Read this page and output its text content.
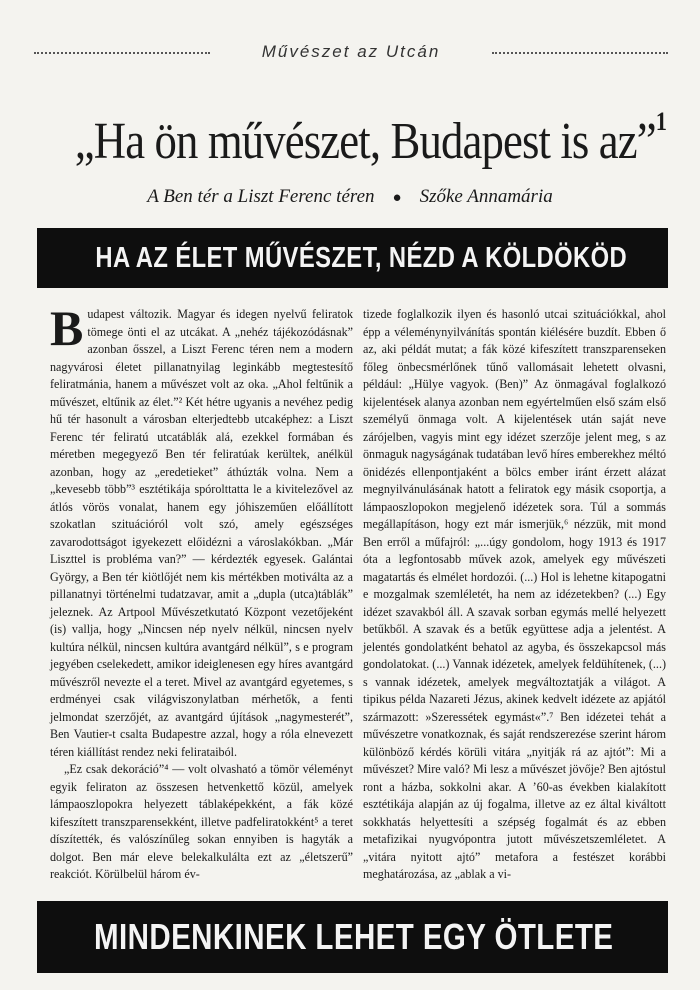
Művészet az Utcán
„Ha ön művészet, Budapest is az”$^1$
A Ben tér a Liszt Ferenc téren ● Szőke Annamária
HA AZ ÉLET MŰVÉSZET, NÉZD A KÖLDÖKÖD

Budapest változik. Magyar és idegen nyelvű feliratok tömege önti el az utcákat. A „nehéz tájékozódásnak” azonban ősszel, a Liszt Ferenc téren nem a modern nagyvárosi életet pillanatnyilag leginkább megtestesítő feliratmánia, hanem a művészet volt az oka. „Ahol feltűnik a művészet, eltűnik az élet.”² Két hétre ugyanis a nevéhez pedig hű tér hasonult a városban elterjedtebb utcaképhez: a Liszt Ferenc tér feliratú utcatáblák alá, ezekkel formában és méretben megegyező Ben tér feliratúak kerültek, anélkül azonban, hogy az „eredetieket” áthúzták volna. Nem a „kevesebb több”³ esztétikája spórolttatta le a kivitelezővel az átlós vörös vonalat, hanem egy jóhiszeműen előállított szokatlan szituációról volt szó, amely egészséges zavarodottságot igyekezett előidézni a városlakókban. „Már Liszttel is probléma van?” — kérdezték egyesek. Galántai György, a Ben tér kiötlőjét nem kis mértékben motiválta az a pillanatnyi történelmi tudatzavar, amit a „dupla (utca)táblák” jeleznek. Az Artpool Művészetkutató Központ vezetőjeként (is) vallja, hogy „Nincsen nép nyelv nélkül, nincsen nyelv kultúra nélkül, nincsen kultúra avantgárd nélkül”, s e program jegyében cselekedett, amikor ideiglenesen egy híres avantgárd művészről nevezte el a teret. Mivel az avantgárd egyetemes, s erdményei csak világviszonylatban mérhetők, a fenti jelmondat szerzőjét, az avantgárd újítások „nagymesterét”, Ben Vautier-t csalta Budapestre azzal, hogy a róla elnevezett téren kiállítást rendez neki felirataiból.

„Ez csak dekoráció”⁴ — volt olvasható a tömör véleményt egyik feliraton az összesen hetvenkettő közül, amelyek lámpaoszlopokra helyezett táblaképekként, a fák közé kifeszített transzparensekként, illetve padfeliratokként⁵ a teret díszítették, és valószínűleg sokan ennyiben is hagyták a dolgot. Ben már eleve belekalkulálta ezt az „életszerű” reakciót. Körülbelül három év-

tizede foglalkozik ilyen és hasonló utcai szituációkkal, ahol épp a véleménynyilvánítás spontán kiélésére buzdít. Ebben ő az, aki példát mutat; a fák közé kifeszített transzparenseken főleg önbecsmérlőnek tűnő vallomásait lehetett olvasni, például: „Hülye vagyok. (Ben)” Az önmagával foglalkozó kijelentések alanya azonban nem egyértelműen első szám első személyű önmaga volt. A kijelentések után saját neve zárójelben, vagyis mint egy idézet szerzője jelent meg, s az önmaguk nagyságának tudatában levő híres emberekhez méltó önidézés ellenpontjaként a bölcs ember iránt érzett alázat megnyilvánulásának hatott a feliratok egy másik csoportja, a lámpaoszlopokon megjelenő idézetek sora. Túl a sommás megállapításon, hogy ezt már ismerjük,⁶ nézzük, mit mond Ben erről a műfajról: „...úgy gondolom, hogy 1913 és 1917 óta a legfontosabb művek azok, amelyek egy művészeti magatartás és elmélet hordozói. (...) Hol is lehetne kitapogatni e mozgalmak szemléletét, ha nem az idézetekben? (...) Egy idézet szavakból áll. A szavak sorban egymás mellé helyezett betűkből. A szavak és a betűk együttese adja a jelentést. A jelentés gondolatként behatol az agyba, és összekapcsol más gondolatokat. (...) Vannak idézetek, amelyek feldühítenek, (...) s vannak idézetek, amelyek megváltoztatják a világot. A tipikus példa Nazareti Jézus, akinek kedvelt idézete az apjától származott: »Szeressétek egymást«”.⁷ Ben idézetei tehát a művészetre vonatkoznak, és saját rendszerezése szerint három különböző kérdés körüli vitára „nyitják rá az ajtót”: Mi a művészet? Mire való? Mi lesz a művészet jövője? Ben ajtóstul ront a házba, sokkolni akar. A ’60-as években kialakított esztétikája alapján az új fogalma, illetve az ez által kiváltott sokkhatás helyettesíti a szépség fogalmát és az ebben metafizikai nyugvópontra jutott művészetszemléletet. A „vitára nyitott ajtó” metafora a festészet korábbi meghatározása, az „ablak a vi-

MINDENKINEK LEHET EGY ÖTLETE
